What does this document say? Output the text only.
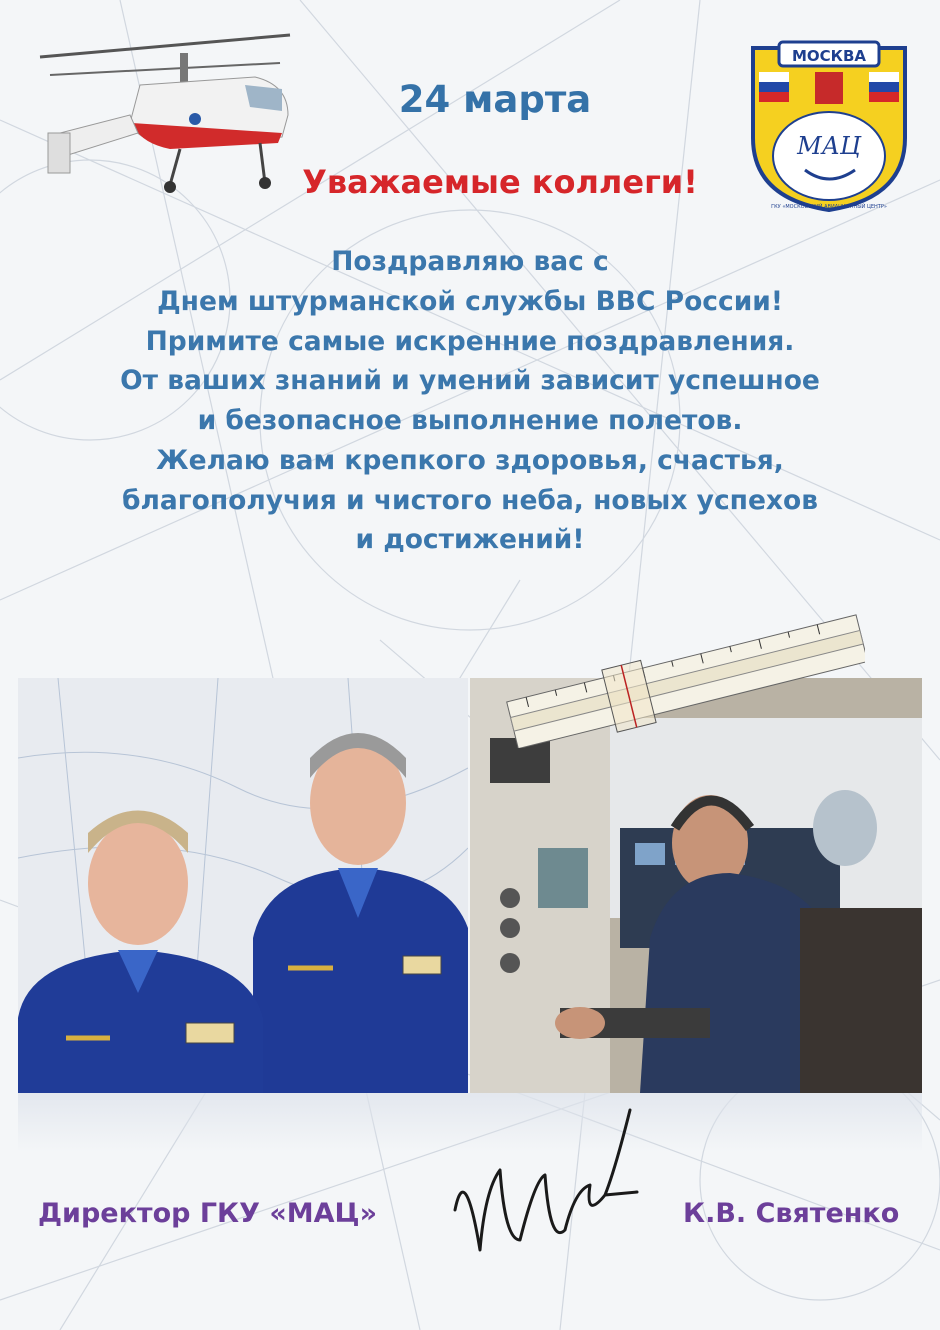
МОСКВА
МАЦ
ГКУ «МОСКОВСКИЙ АВИАЦИОННЫЙ ЦЕНТР»
24 марта
Уважаемые коллеги!
Поздравляю вас с
Днем штурманской службы ВВС России!
Примите самые искренние поздравления.
От ваших знаний и умений зависит успешное
и безопасное выполнение полетов.
Желаю вам крепкого здоровья, счастья,
благополучия и чистого неба, новых успехов
и достижений!
Директор ГКУ «МАЦ»	К.В. Святенко
